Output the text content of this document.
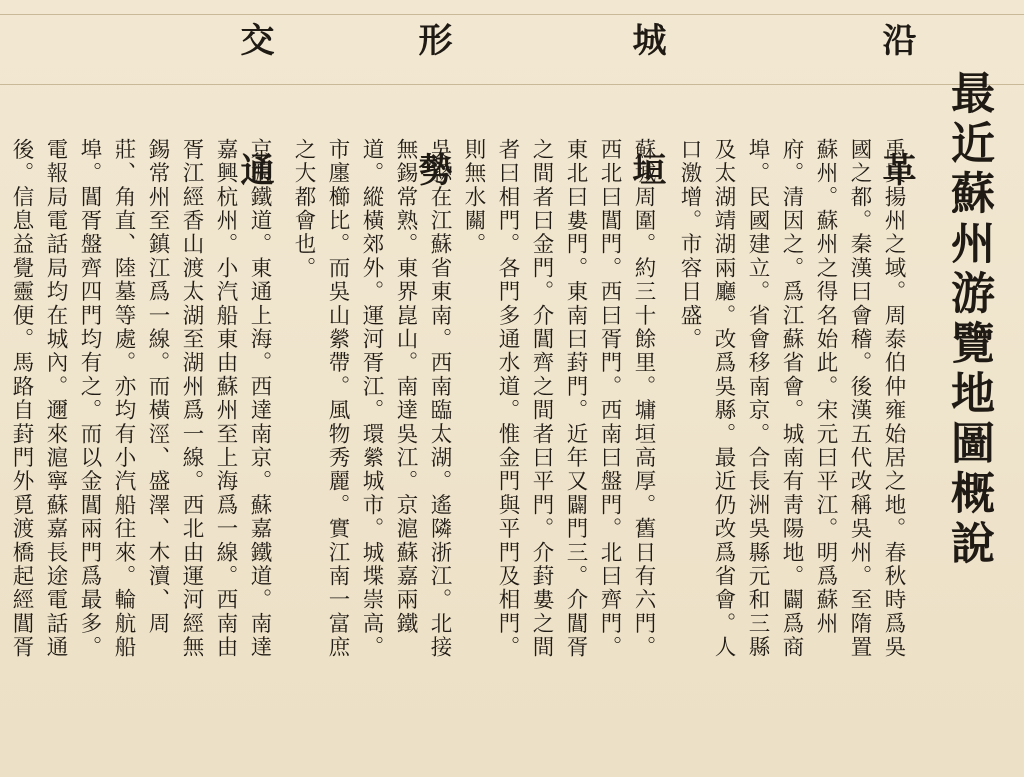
最近蘇州游覽地圖概說
沿 革
禹貢揚州之域。周泰伯仲雍始居之地。春秋時爲吳
國之都。秦漢曰會稽。後漢五代改稱吳州。至隋置
蘇州。蘇州之得名始此。宋元曰平江。明爲蘇州
府。清因之。爲江蘇省會。城南有靑陽地。闢爲商
埠。民國建立。省會移南京。合長洲吳縣元和三縣
及太湖靖湖兩廳。改爲吳縣。最近仍改爲省會。人
口激增。市容日盛。
城 垣
蘇城周圍。約三十餘里。墉垣高厚。舊日有六門。
西北曰閶門。西曰胥門。西南曰盤門。北曰齊門。
東北曰婁門。東南曰葑門。近年又闢門三。介閶胥
之間者曰金門。介閶齊之間者曰平門。介葑婁之間
者曰相門。各門多通水道。惟金門與平門及相門。
則無水關。
形 勢
吳縣在江蘇省東南。西南臨太湖。遙隣浙江。北接
無錫常熟。東界崑山。南達吳江。京滬蘇嘉兩鐵
道。縱橫郊外。運河胥江。環縈城市。城堞崇高。
市廛櫛比。而吳山縈帶。風物秀麗。實江南一富庶
之大都會也。
交 通
京滬鐵道。東通上海。西達南京。蘇嘉鐵道。南達
嘉興杭州。小汽船東由蘇州至上海爲一線。西南由
胥江經香山渡太湖至湖州爲一線。西北由運河經無
錫常州至鎮江爲一線。而橫涇、盛澤、木瀆、周
莊、角直、陸墓等處。亦均有小汽船往來。輪航船
埠。閶胥盤齊四門均有之。而以金閶兩門爲最多。
電報局電話局均在城內。邇來滬寧蘇嘉長途電話通
後。信息益覺靈便。馬路自葑門外覓渡橋起經閶胥
